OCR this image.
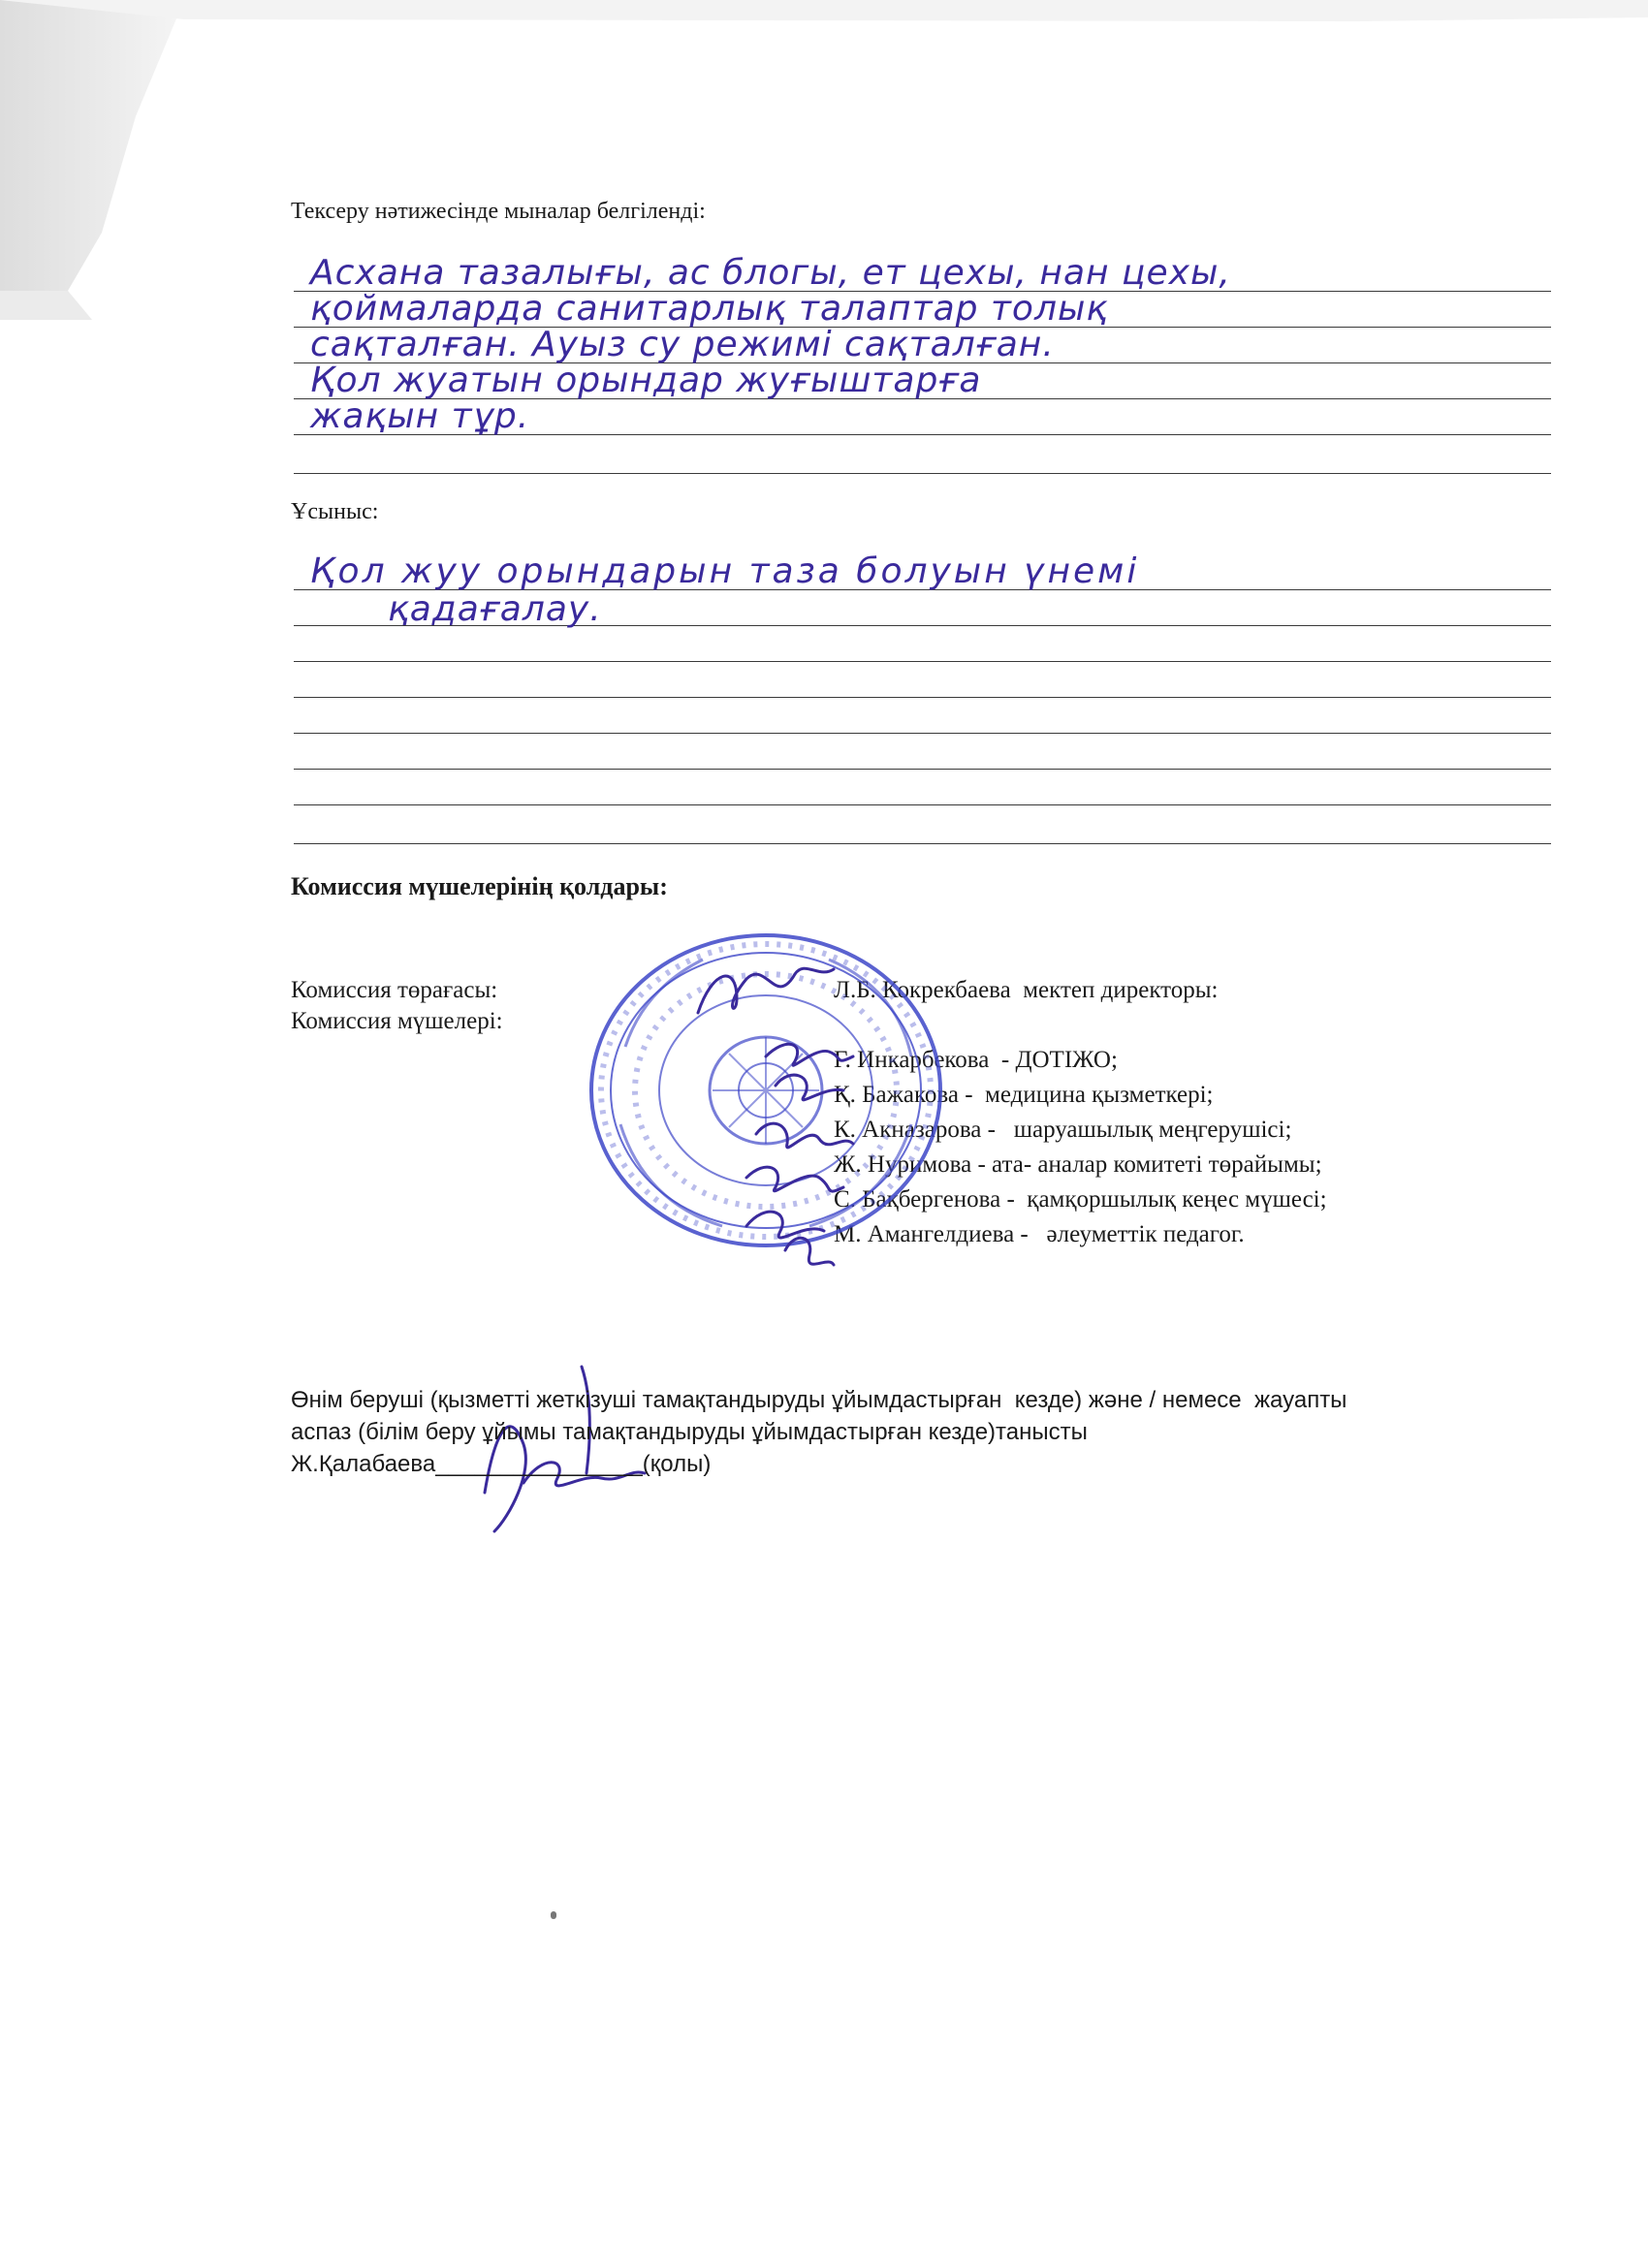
Тексеру нәтижесінде мыналар белгіленді:
Асхана тазалығы, ас блогы, ет цехы, нан цехы,
қоймаларда санитарлық талаптар толық
сақталған. Ауыз су режимі сақталған.
Қол жуатын орындар жуғыштарға
жақын тұр.
Ұсыныс:
Қол жуу орындарын таза болуын үнемі
қадағалау.
Комиссия мүшелерінің қолдары:
Комиссия төрағасы:
Комиссия мүшелері:
Л.Б. Кокрекбаева  мектеп директоры:
Г. Инкарбекова  - ДОТІЖО;
Қ. Бажакова -  медицина қызметкері;
К. Акназарова -   шаруашылық меңгерушісі;
Ж. Нуримова - ата- аналар комитеті төрайымы;
С. Бақбергенова -  қамқоршылық кеңес мүшесі;
М. Амангелдиева -   әлеуметтік педагог.
Өнім беруші (қызметті жеткізуші тамақтандыруды ұйымдастырған  кезде) және / немесе  жауапты
аспаз (білім беру ұйымы тамақтандыруды ұйымдастырған кезде)танысты
Ж.Қалабаева________________(қолы)
